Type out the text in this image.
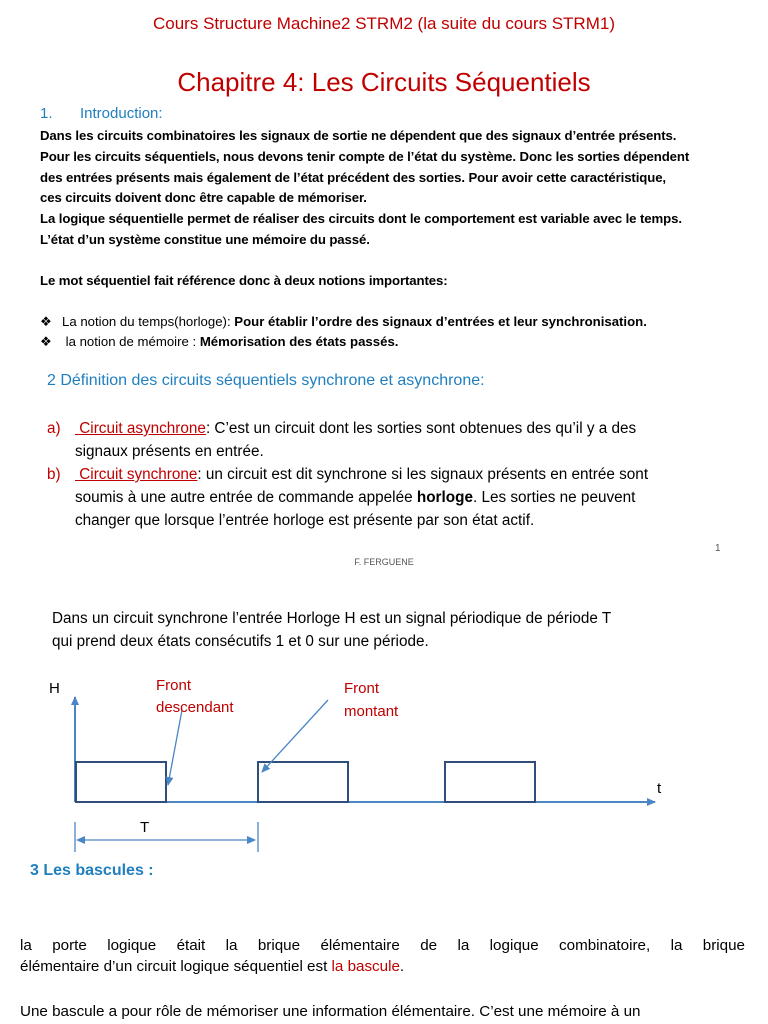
Cours Structure Machine2 STRM2 (la suite du cours STRM1)
Chapitre 4: Les Circuits Séquentiels
1. Introduction:
Dans les circuits combinatoires les signaux de sortie ne dépendent que des signaux d’entrée présents.
Pour les circuits séquentiels, nous devons tenir compte de l’état du système. Donc les sorties dépendent
des entrées présents mais également de l’état précédent des sorties. Pour avoir cette caractéristique,
ces circuits doivent donc être capable de mémoriser.
La logique séquentielle permet de réaliser des circuits dont le comportement est variable avec le temps.
L’état d’un système constitue une mémoire du passé.
Le mot séquentiel fait référence donc à deux notions importantes:
❖ La notion du temps(horloge): Pour établir l’ordre des signaux d’entrées et leur synchronisation.
❖ la notion de mémoire : Mémorisation des états passés.
2 Définition des circuits séquentiels synchrone et asynchrone:
a) Circuit asynchrone: C’est un circuit dont les sorties sont obtenues des qu’il y a des
signaux présents en entrée.
b) Circuit synchrone: un circuit est dit synchrone si les signaux présents en entrée sont
soumis à une autre entrée de commande appelée horloge. Les sorties ne peuvent
changer que lorsque l’entrée horloge est présente par son état actif.
1
F. FERGUENE
Dans un circuit synchrone l’entrée Horloge H est un signal périodique de période T
qui prend deux états consécutifs 1 et 0 sur une période.
H
t
T
Front
descendant
Front
montant
3 Les bascules :
la porte logique était la brique élémentaire de la logique combinatoire, la brique
élémentaire d’un circuit logique séquentiel est la bascule.
Une bascule a pour rôle de mémoriser une information élémentaire. C’est une mémoire à un
